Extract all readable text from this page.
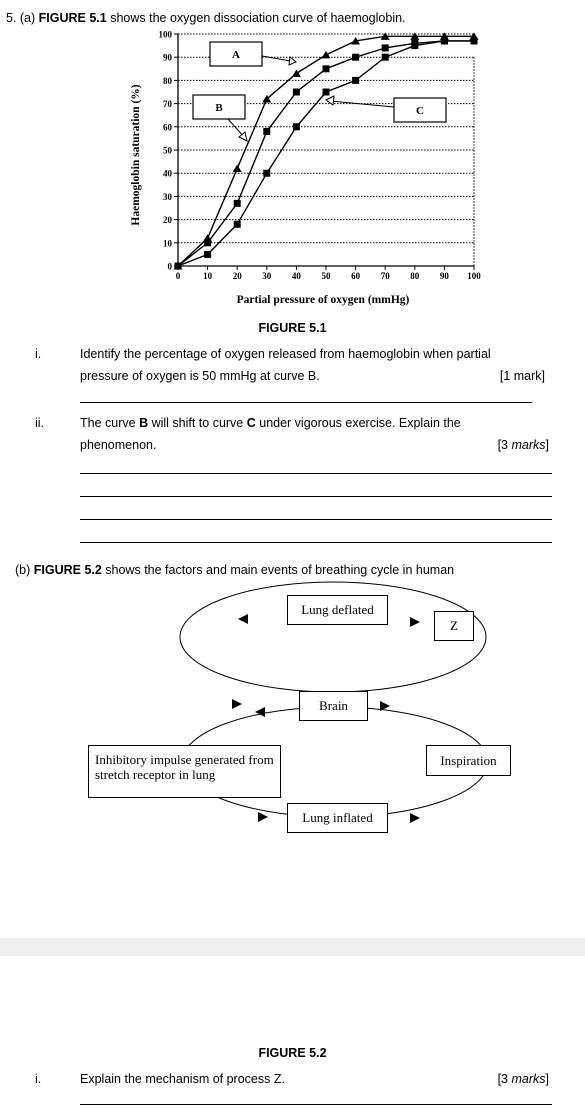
5. (a) FIGURE 5.1 shows the oxygen dissociation curve of haemoglobin.
100
90
80
70
60
50
40
30
20
10
0
0	10 20 30 40 50 60 70 80 90 100
Haemoglobin saturation (%)
Partial pressure of oxygen (mmHg)
A
B	C
FIGURE 5.1
i.	Identify the percentage of oxygen released from haemoglobin when partial
pressure of oxygen is 50 mmHg at curve B.	[1 mark]
ii.	The curve B will shift to curve C under vigorous exercise. Explain the
phenomenon.	[3 marks]
(b) FIGURE 5.2 shows the factors and main events of breathing cycle in human
Lung deflated
Z
Brain
Inhibitory impulse generated from stretch receptor in lung
Inspiration
Lung inflated
FIGURE 5.2
i.	Explain the mechanism of process Z.	[3 marks]
